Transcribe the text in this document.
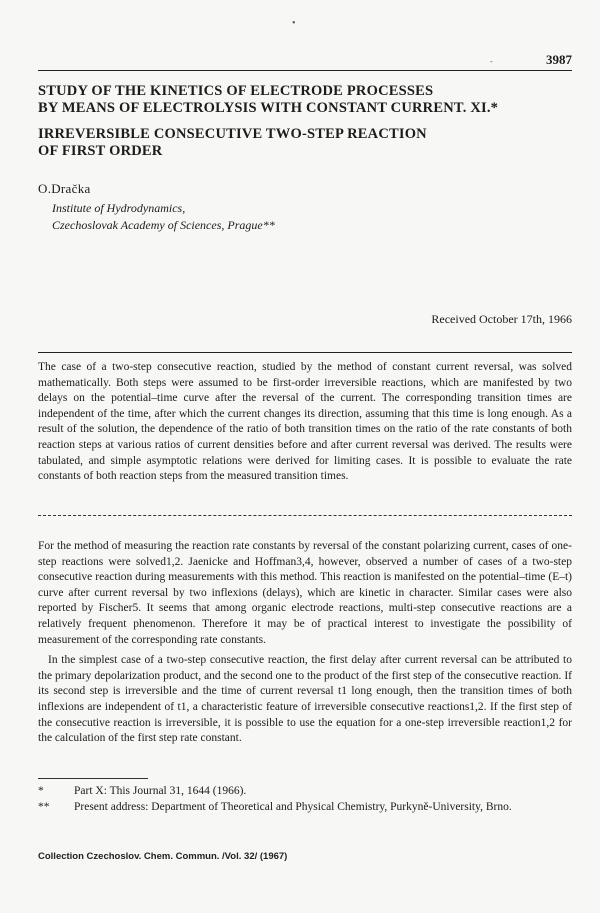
•
-	3987
STUDY OF THE KINETICS OF ELECTRODE PROCESSES
BY MEANS OF ELECTROLYSIS WITH CONSTANT CURRENT. XI.*
IRREVERSIBLE CONSECUTIVE TWO-STEP REACTION
OF FIRST ORDER
O.Dračka
Institute of Hydrodynamics,
Czechoslovak Academy of Sciences, Prague**
Received October 17th, 1966

The case of a two-step consecutive reaction, studied by the method of constant current reversal, was solved mathematically. Both steps were assumed to be first-order irreversible reactions, which are manifested by two delays on the potential–time curve after the reversal of the current. The corresponding transition times are independent of the time, after which the current changes its direction, assuming that this time is long enough. As a result of the solution, the dependence of the ratio of both transition times on the ratio of the rate constants of both reaction steps at various ratios of current densities before and after current reversal was derived. The results were tabulated, and simple asymptotic relations were derived for limiting cases. It is possible to evaluate the rate constants of both reaction steps from the measured transition times.

For the method of measuring the reaction rate constants by reversal of the constant polarizing current, cases of one-step reactions were solved1,2. Jaenicke and Hoffman3,4, however, observed a number of cases of a two-step consecutive reaction during measurements with this method. This reaction is manifested on the potential–time (E–t) curve after current reversal by two inflexions (delays), which are kinetic in character. Similar cases were also reported by Fischer5. It seems that among organic electrode reactions, multi-step consecutive reactions are a relatively frequent phenomenon. Therefore it may be of practical interest to investigate the possibility of measurement of the corresponding rate constants.

In the simplest case of a two-step consecutive reaction, the first delay after current reversal can be attributed to the primary depolarization product, and the second one to the product of the first step of the consecutive reaction. If its second step is irreversible and the time of current reversal t1 long enough, then the transition times of both inflexions are independent of t1, a characteristic feature of irreversible consecutive reactions1,2. If the first step of the consecutive reaction is irreversible, it is possible to use the equation for a one-step irreversible reaction1,2 for the calculation of the first step rate constant.

*	Part X: This Journal 31, 1644 (1966).
**	Present address: Department of Theoretical and Physical Chemistry, Purkyně-University, Brno.
Collection Czechoslov. Chem. Commun. /Vol. 32/ (1967)
